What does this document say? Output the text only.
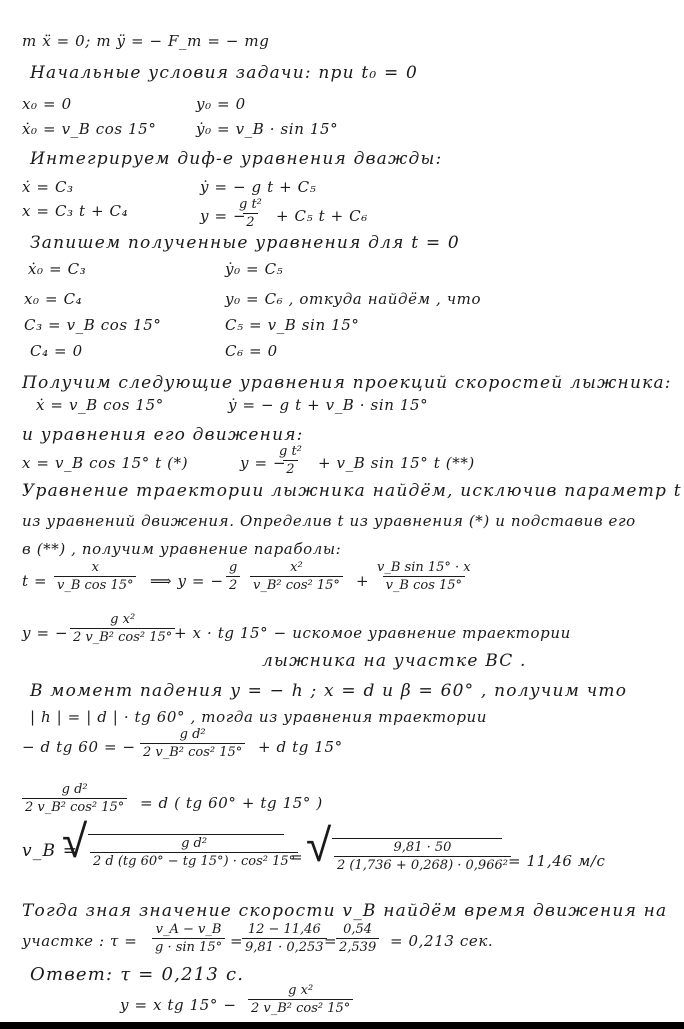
m ẍ = 0; m ÿ = − F_т = − mg
Начальные условия задачи: при t₀ = 0
x₀ = 0	y₀ = 0
ẋ₀ = v_B cos 15°	ẏ₀ = v_B · sin 15°
Интегрируем диф-е уравнения дважды:
ẋ = C₃	ẏ = − g t + C₅
x = C₃ t + C₄	y = −
$\frac{\text{g t²}}{2} + C_5$ t + C₆
Запишем полученные уравнения для t = 0
ẋ₀ = C₃	ẏ₀ = C₅
x₀ = C₄	y₀ = C₆ , откуда найдём , что
C₃ = v_B cos 15°	C₅ = v_B sin 15°
C₄ = 0	C₆ = 0
Получим следующие уравнения проекций скоростей лыжника:
ẋ = v_B cos 15°	ẏ = − g t + v_B · sin 15°
и уравнения его движения:
x = v_B cos 15° t (*)	y = −
$\frac{\text{g t²}}{2}$ + v_B sin 15° t (**)
Уравнение траектории лыжника найдём, исключив параметр t
из уравнений движения. Определив t из уравнения (*) и подставив его
в (**) , получим уравнение параболы:
$t = \frac{x}{\text{v\_B cos 15°}}$ ⟹ y = − $\frac{g}{2} \frac{\text{x²}}{\text{v\_B² cos² 15°}} + \frac{\text{v\_B sin 15° · x}}{\text{v\_B cos 15°}}$
y = − $\frac{\text{g x²}}{\text{2 v\_B² cos² 15°}}$
+ x · tg 15° − искомое уравнение траектории
лыжника на участке BC .
В момент падения y = − h ; x = d и β = 60° , получим что
| h | = | d | · tg 60° , тогда из уравнения траектории
− d tg 60 = − $\frac{\text{g d²}}{\text{2 v\_B² cos² 15°}} + d$ tg 15°
$\frac{\text{g d²}}{\text{2 v\_B² cos² 15°}} = d$ ( tg 60° + tg 15° )
v_B =
√ $\frac{\text{g d²}}{\text{2 d (tg 60° − tg 15°) · cos² 15°}}$
= √ $\frac{9,81 \cdot 50}{\text{2 (1,736 + 0,268) · 0,966²}}$
= 11,46 м/с
Тогда зная значение скорости v_B найдём время движения на
участке : $\tau = \frac{v\_A - v\_B}{g \cdot \sin 15^\circ}$ =
$\frac{12 - 11,46}{9,81 \cdot 0,253}$
=
$\frac{0,54}{2,539} = 0,213$ сек.
Ответ: τ = 0,213 с.
y = x tg $15^\circ - \frac{\text{g x²}}{\text{2 v\_B² cos² 15°}}$
